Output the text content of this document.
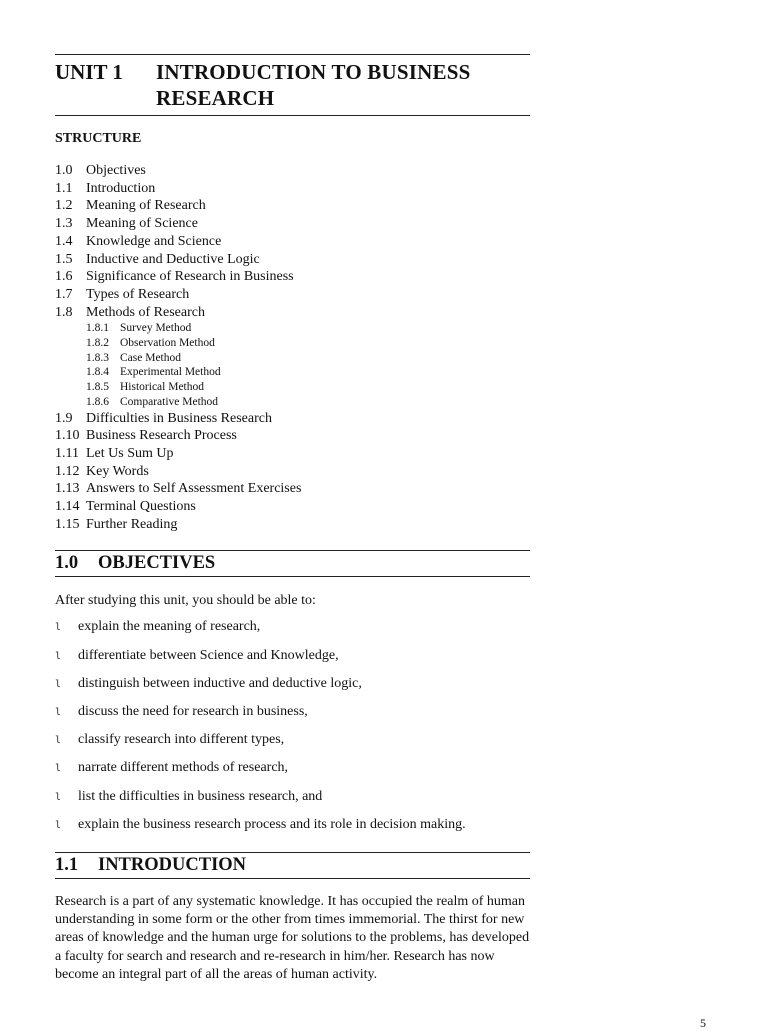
UNIT 1	INTRODUCTION TO BUSINESS RESEARCH
STRUCTURE
1.0 Objectives
1.1 Introduction
1.2 Meaning of Research
1.3 Meaning of Science
1.4 Knowledge and Science
1.5 Inductive and Deductive Logic
1.6 Significance of Research in Business
1.7 Types of Research
1.8 Methods of Research
1.8.1 Survey Method
1.8.2 Observation Method
1.8.3 Case Method
1.8.4 Experimental Method
1.8.5 Historical Method
1.8.6 Comparative Method
1.9 Difficulties in Business Research
1.10 Business Research Process
1.11 Let Us Sum Up
1.12 Key Words
1.13 Answers to Self Assessment Exercises
1.14 Terminal Questions
1.15 Further Reading
1.0	OBJECTIVES
After studying this unit, you should be able to:
l	explain the meaning of research,
l	differentiate between Science and Knowledge,
l	distinguish between inductive and deductive logic,
l	discuss the need for research in business,
l	classify research into different types,
l	narrate different methods of research,
l	list the difficulties in business research, and
l	explain the business research process and its role in decision making.
1.1	INTRODUCTION
Research is a part of any systematic knowledge. It has occupied the realm of human understanding in some form or the other from times immemorial. The thirst for new areas of knowledge and the human urge for solutions to the problems, has developed a faculty for search and research and re-research in him/her. Research has now become an integral part of all the areas of human activity.
5
